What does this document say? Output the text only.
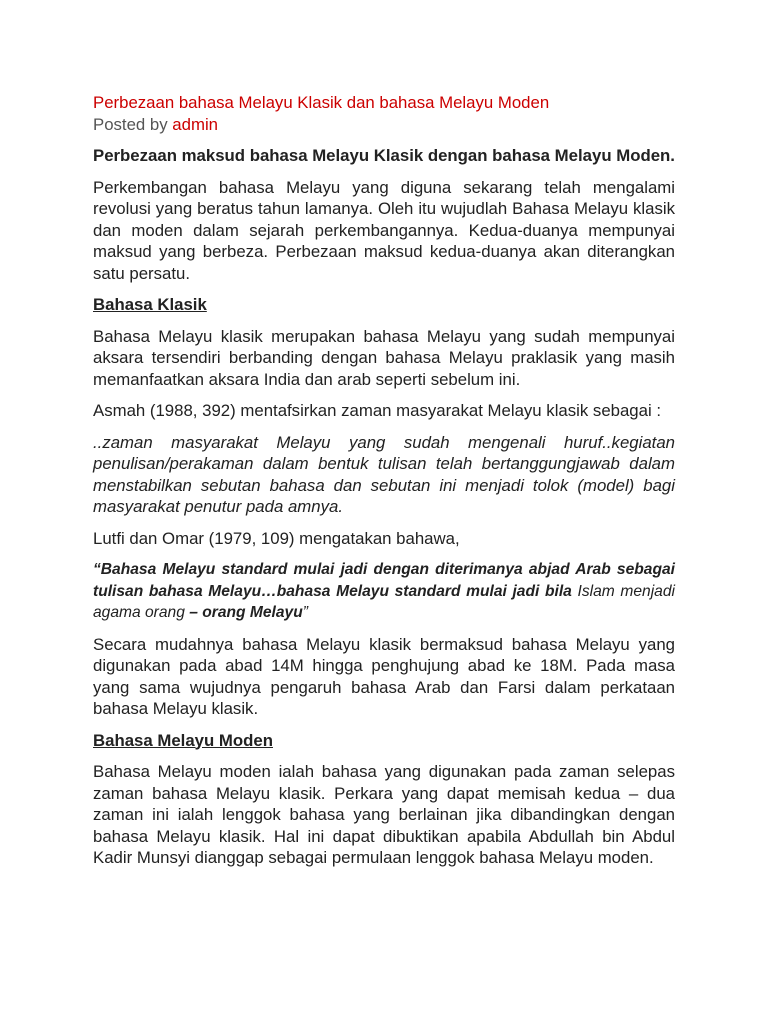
Perbezaan bahasa Melayu Klasik dan bahasa Melayu Moden

Posted by admin

Perbezaan maksud bahasa Melayu Klasik dengan bahasa Melayu Moden.

Perkembangan bahasa Melayu yang diguna sekarang telah mengalami revolusi yang beratus tahun lamanya. Oleh itu wujudlah Bahasa Melayu klasik dan moden dalam sejarah perkembangannya. Kedua-duanya mempunyai maksud yang berbeza. Perbezaan maksud kedua-duanya akan diterangkan satu persatu.

Bahasa Klasik

Bahasa Melayu klasik merupakan bahasa Melayu yang sudah mempunyai aksara tersendiri berbanding dengan bahasa Melayu praklasik yang masih memanfaatkan aksara India dan arab seperti sebelum ini.

Asmah (1988, 392) mentafsirkan zaman masyarakat Melayu klasik sebagai :

..zaman masyarakat Melayu yang sudah mengenali huruf..kegiatan penulisan/perakaman dalam bentuk tulisan telah bertanggungjawab dalam menstabilkan sebutan bahasa dan sebutan ini menjadi tolok (model) bagi masyarakat penutur pada amnya.

Lutfi dan Omar (1979, 109) mengatakan bahawa,

“Bahasa Melayu standard mulai jadi dengan diterimanya abjad Arab sebagai tulisan bahasa Melayu…bahasa Melayu standard mulai jadi bila Islam menjadi agama orang – orang Melayu”

Secara mudahnya bahasa Melayu klasik bermaksud bahasa Melayu yang digunakan pada abad 14M hingga penghujung abad ke 18M. Pada masa yang sama wujudnya pengaruh bahasa Arab dan Farsi dalam perkataan bahasa Melayu klasik.

Bahasa Melayu Moden

Bahasa Melayu moden ialah bahasa yang digunakan pada zaman selepas zaman bahasa Melayu klasik. Perkara yang dapat memisah kedua – dua zaman ini ialah lenggok bahasa yang berlainan jika dibandingkan dengan bahasa Melayu klasik. Hal ini dapat dibuktikan apabila Abdullah bin Abdul Kadir Munsyi dianggap sebagai permulaan lenggok bahasa Melayu moden.
